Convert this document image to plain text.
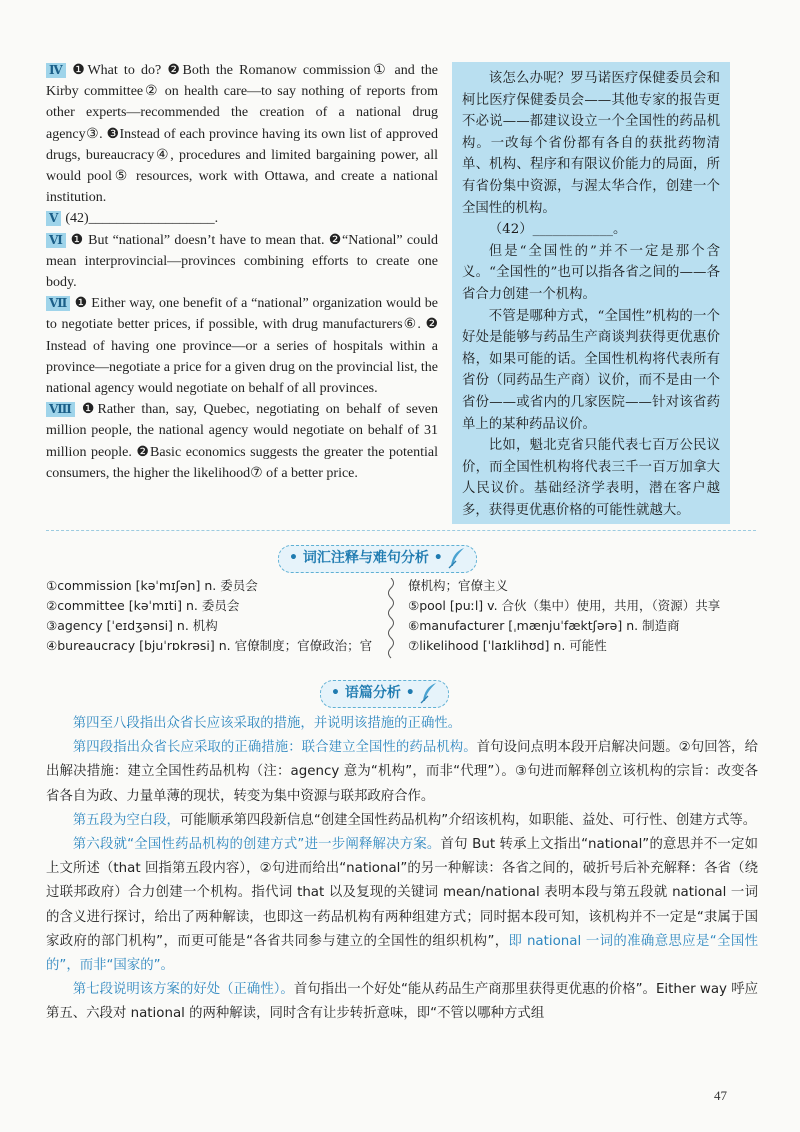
Ⅳ ❶What to do? ❷Both the Romanow commission① and the Kirby committee② on health care—to say nothing of reports from other experts—recommended the creation of a national drug agency③. ❸Instead of each province having its own list of approved drugs, bureaucracy④, procedures and limited bargaining power, all would pool⑤ resources, work with Ottawa, and create a national institution.

Ⅴ (42)__________________.

Ⅵ ❶ But “national” doesn’t have to mean that. ❷“National” could mean interprovincial—provinces combining efforts to create one body.

Ⅶ ❶ Either way, one benefit of a “national” organization would be to negotiate better prices, if possible, with drug manufacturers⑥. ❷ Instead of having one province—or a series of hospitals within a province—negotiate a price for a given drug on the provincial list, the national agency would negotiate on behalf of all provinces.

Ⅷ ❶Rather than, say, Quebec, negotiating on behalf of seven million people, the national agency would negotiate on behalf of 31 million people. ❷Basic economics suggests the greater the potential consumers, the higher the likelihood⑦ of a better price.

该怎么办呢？罗马诺医疗保健委员会和柯比医疗保健委员会——其他专家的报告更不必说——都建议设立一个全国性的药品机构。一改每个省份都有各自的获批药物清单、机构、程序和有限议价能力的局面，所有省份集中资源，与渥太华合作，创建一个全国性的机构。

（42）____________。

但是“全国性的”并不一定是那个含义。“全国性的”也可以指各省之间的——各省合力创建一个机构。

不管是哪种方式，“全国性”机构的一个好处是能够与药品生产商谈判获得更优惠价格，如果可能的话。全国性机构将代表所有省份（同药品生产商）议价，而不是由一个省份——或省内的几家医院——针对该省药单上的某种药品议价。

比如，魁北克省只能代表七百万公民议价，而全国性机构将代表三千一百万加拿大人民议价。基础经济学表明，潜在客户越多，获得更优惠价格的可能性就越大。

• 词汇注释与难句分析 •
①commission [kəˈmɪʃən] n. 委员会
②committee [kəˈmɪti] n. 委员会
③agency [ˈeɪdʒənsi] n. 机构
④bureaucracy [bjuˈrɒkrəsi] n. 官僚制度；官僚政治；官
僚机构；官僚主义
⑤pool [puːl] v. 合伙（集中）使用，共用，（资源）共享
⑥manufacturer [ˌmænjuˈfæktʃərə] n. 制造商
⑦likelihood [ˈlaɪklihʊd] n. 可能性
• 语篇分析 •

第四至八段指出众省长应该采取的措施，并说明该措施的正确性。

第四段指出众省长应采取的正确措施：联合建立全国性的药品机构。首句设问点明本段开启解决问题。②句回答，给出解决措施：建立全国性药品机构（注：agency 意为“机构”，而非“代理”）。③句进而解释创立该机构的宗旨：改变各省各自为政、力量单薄的现状，转变为集中资源与联邦政府合作。

第五段为空白段，可能顺承第四段新信息“创建全国性药品机构”介绍该机构，如职能、益处、可行性、创建方式等。

第六段就“全国性药品机构的创建方式”进一步阐释解决方案。首句 But 转承上文指出“national”的意思并不一定如上文所述（that 回指第五段内容），②句进而给出“national”的另一种解读：各省之间的，破折号后补充解释：各省（绕过联邦政府）合力创建一个机构。指代词 that 以及复现的关键词 mean/national 表明本段与第五段就 national 一词的含义进行探讨，给出了两种解读，也即这一药品机构有两种组建方式；同时据本段可知，该机构并不一定是“隶属于国家政府的部门机构”，而更可能是“各省共同参与建立的全国性的组织机构”，即 national 一词的准确意思应是“全国性的”，而非“国家的”。

第七段说明该方案的好处（正确性）。首句指出一个好处“能从药品生产商那里获得更优惠的价格”。Either way 呼应第五、六段对 national 的两种解读，同时含有让步转折意味，即“不管以哪种方式组

47
